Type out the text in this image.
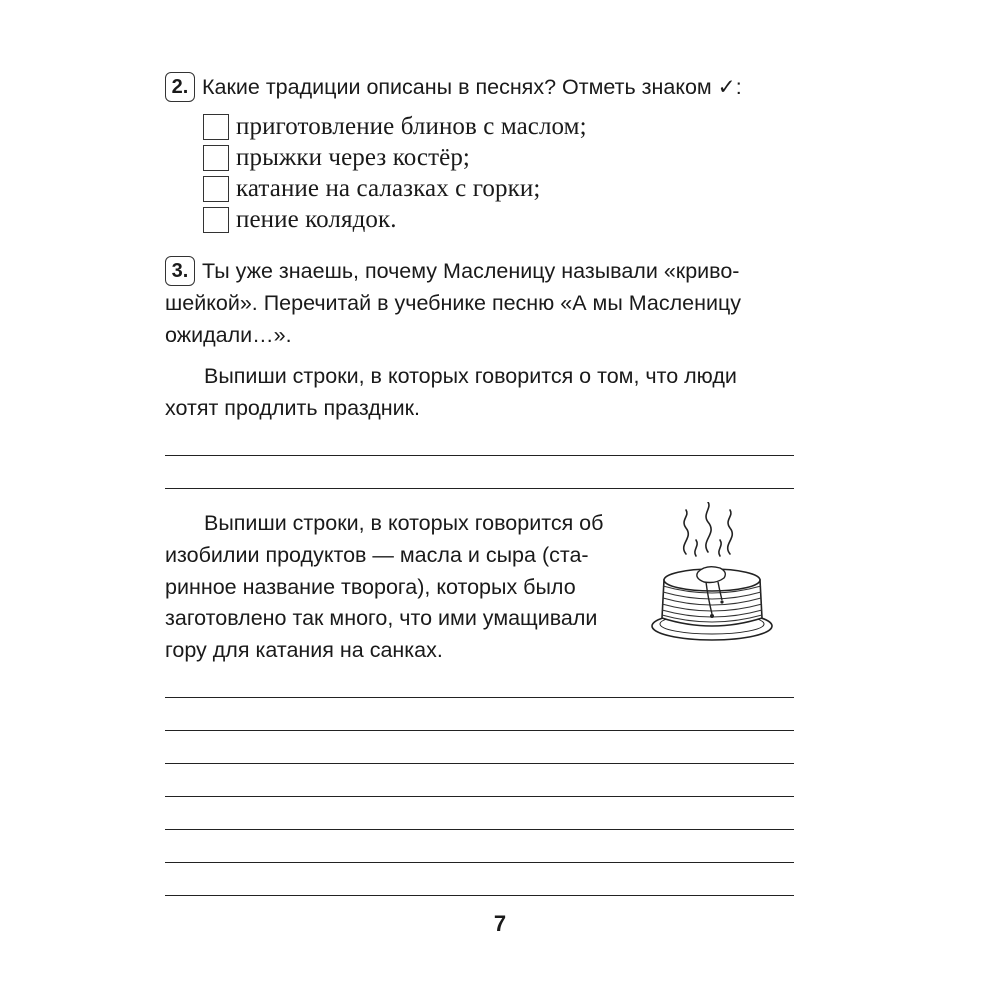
2. Какие традиции описаны в песнях? Отметь знаком ✓:
приготовление блинов с маслом;
прыжки через костёр;
катание на салазках с горки;
пение колядок.
3. Ты уже знаешь, почему Масленицу называли «криво-
шейкой». Перечитай в учебнике песню «А мы Масленицу
ожидали…».
Выпиши строки, в которых говорится о том, что люди
хотят продлить праздник.
Выпиши строки, в которых говорится об
изобилии продуктов — масла и сыра (ста-
ринное название творога), которых было
заготовлено так много, что ими умащивали
гору для катания на санках.
7
